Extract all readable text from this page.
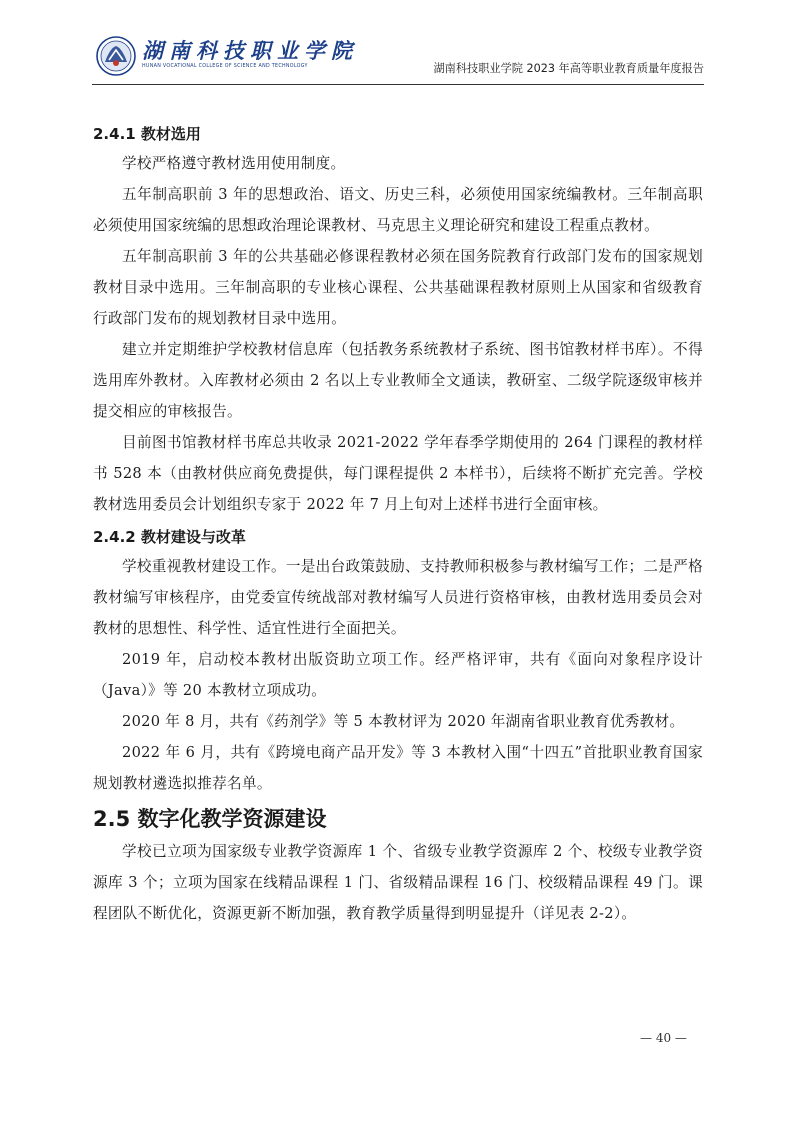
湖南科技职业学院
HUNAN VOCATIONAL COLLEGE OF SCIENCE AND TECHNOLOGY	湖南科技职业学院 2023 年高等职业教育质量年度报告
2.4.1 教材选用

学校严格遵守教材选用使用制度。

五年制高职前 3 年的思想政治、语文、历史三科，必须使用国家统编教材。三年制高职必须使用国家统编的思想政治理论课教材、马克思主义理论研究和建设工程重点教材。

五年制高职前 3 年的公共基础必修课程教材必须在国务院教育行政部门发布的国家规划教材目录中选用。三年制高职的专业核心课程、公共基础课程教材原则上从国家和省级教育行政部门发布的规划教材目录中选用。

建立并定期维护学校教材信息库（包括教务系统教材子系统、图书馆教材样书库）。不得选用库外教材。入库教材必须由 2 名以上专业教师全文通读，教研室、二级学院逐级审核并提交相应的审核报告。

目前图书馆教材样书库总共收录 2021-2022 学年春季学期使用的 264 门课程的教材样书 528 本（由教材供应商免费提供，每门课程提供 2 本样书），后续将不断扩充完善。学校教材选用委员会计划组织专家于 2022 年 7 月上旬对上述样书进行全面审核。

2.4.2 教材建设与改革

学校重视教材建设工作。一是出台政策鼓励、支持教师积极参与教材编写工作；二是严格教材编写审核程序，由党委宣传统战部对教材编写人员进行资格审核，由教材选用委员会对教材的思想性、科学性、适宜性进行全面把关。

2019 年，启动校本教材出版资助立项工作。经严格评审，共有《面向对象程序设计（Java）》等 20 本教材立项成功。

2020 年 8 月，共有《药剂学》等 5 本教材评为 2020 年湖南省职业教育优秀教材。

2022 年 6 月，共有《跨境电商产品开发》等 3 本教材入围“十四五”首批职业教育国家规划教材遴选拟推荐名单。

2.5 数字化教学资源建设

学校已立项为国家级专业教学资源库 1 个、省级专业教学资源库 2 个、校级专业教学资源库 3 个；立项为国家在线精品课程 1 门、省级精品课程 16 门、校级精品课程 49 门。课程团队不断优化，资源更新不断加强，教育教学质量得到明显提升（详见表 2-2）。

— 40 —
